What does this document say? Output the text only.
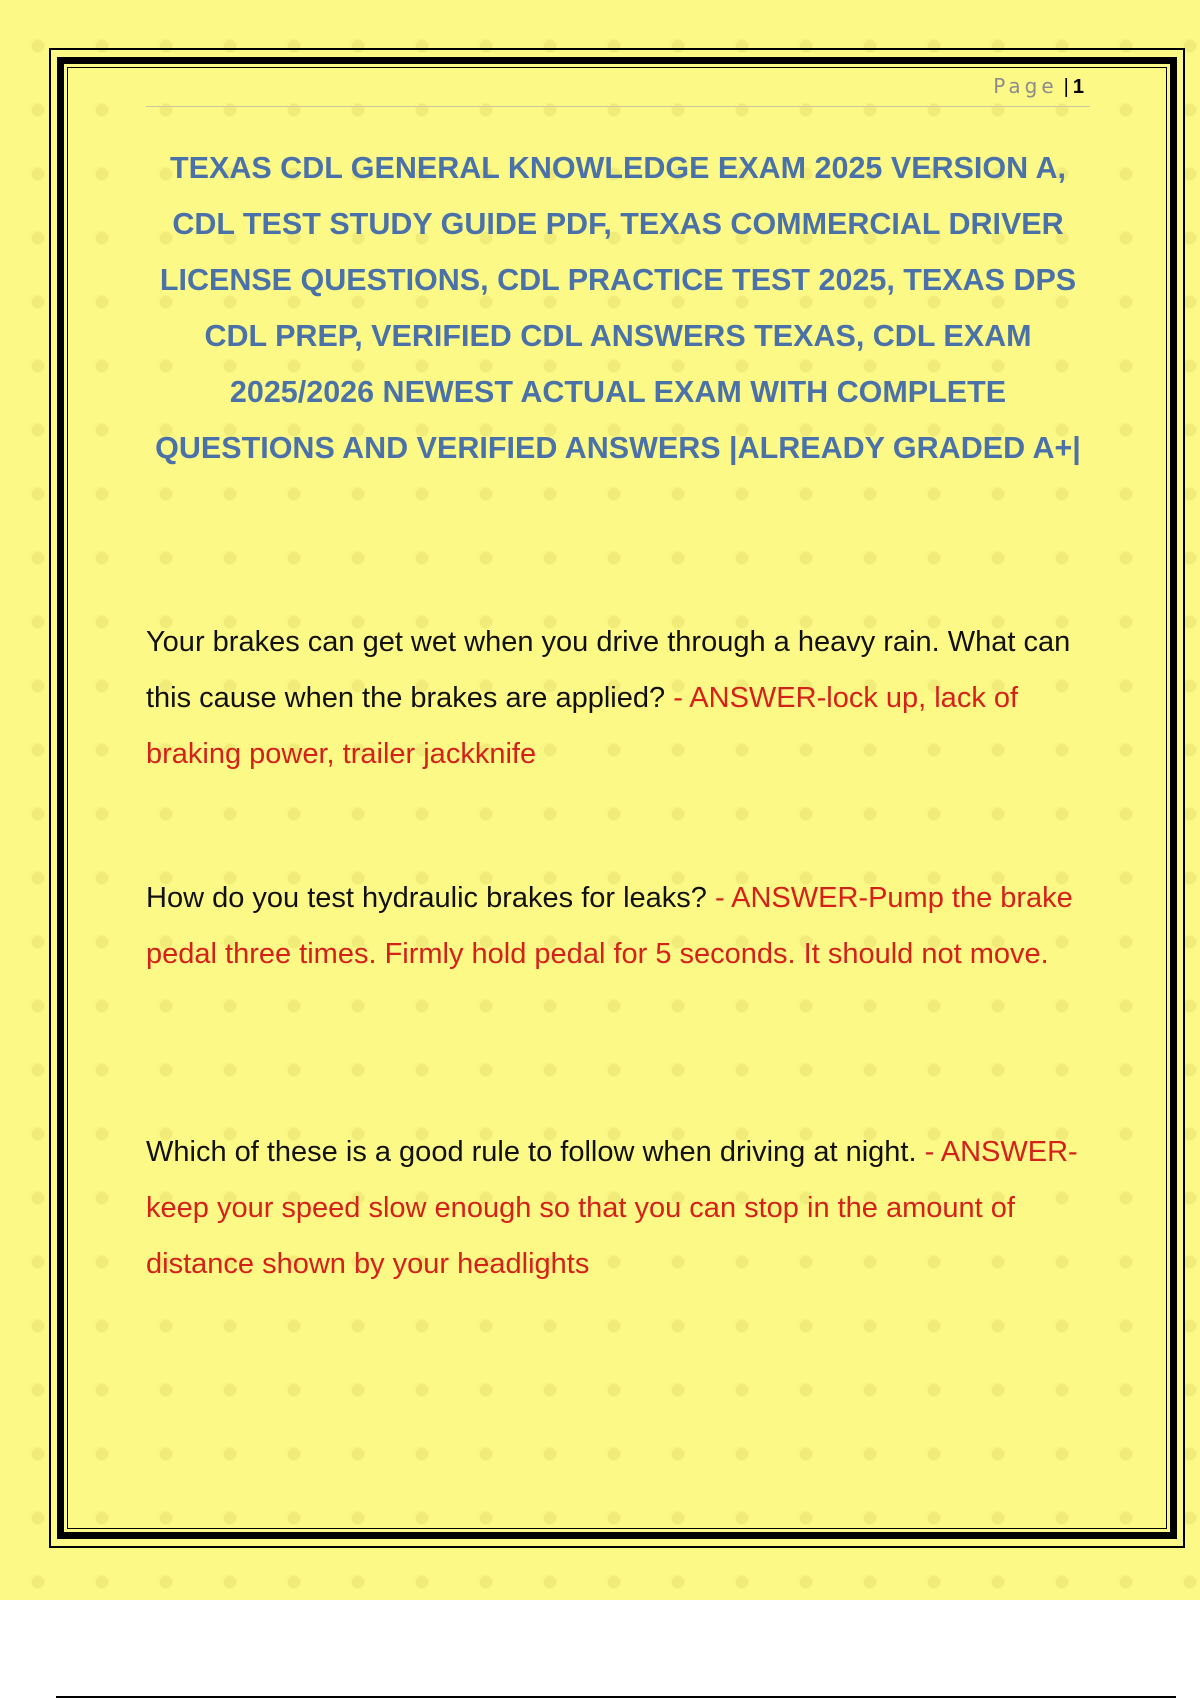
Page | 1
TEXAS CDL GENERAL KNOWLEDGE EXAM 2025 VERSION A, CDL TEST STUDY GUIDE PDF, TEXAS COMMERCIAL DRIVER LICENSE QUESTIONS, CDL PRACTICE TEST 2025, TEXAS DPS CDL PREP, VERIFIED CDL ANSWERS TEXAS, CDL EXAM 2025/2026 NEWEST ACTUAL EXAM WITH COMPLETE QUESTIONS AND VERIFIED ANSWERS |ALREADY GRADED A+|

Your brakes can get wet when you drive through a heavy rain. What can this cause when the brakes are applied? - ANSWER-lock up, lack of braking power, trailer jackknife

How do you test hydraulic brakes for leaks? - ANSWER-Pump the brake pedal three times. Firmly hold pedal for 5 seconds. It should not move.

Which of these is a good rule to follow when driving at night. - ANSWER-keep your speed slow enough so that you can stop in the amount of distance shown by your headlights
